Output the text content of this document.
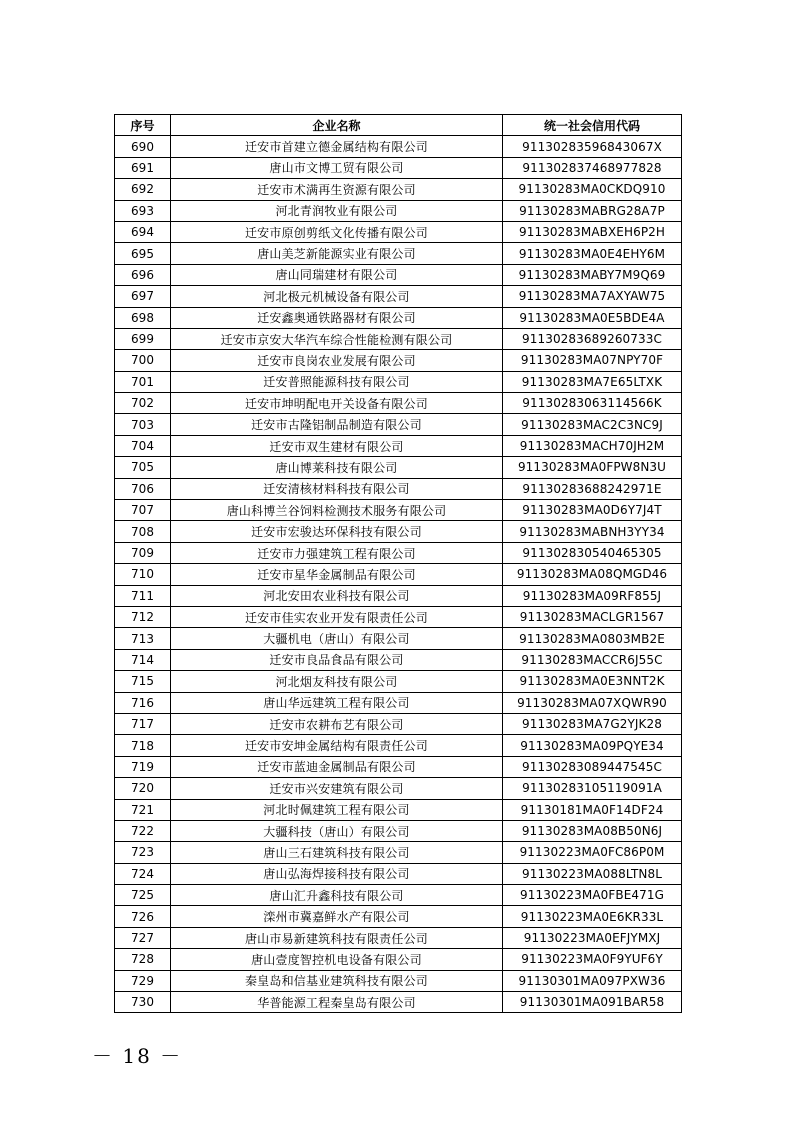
序号	企业名称	统一社会信用代码
690	迁安市首建立德金属结构有限公司	91130283596843067X
691	唐山市文博工贸有限公司	911302837468977828
692	迁安市术满再生资源有限公司	91130283MA0CKDQ910
693	河北青润牧业有限公司	91130283MABRG28A7P
694	迁安市原创剪纸文化传播有限公司	91130283MABXEH6P2H
695	唐山美芝新能源实业有限公司	91130283MA0E4EHY6M
696	唐山同瑞建材有限公司	91130283MABY7M9Q69
697	河北极元机械设备有限公司	91130283MA7AXYAW75
698	迁安鑫奥通铁路器材有限公司	91130283MA0E5BDE4A
699	迁安市京安大华汽车综合性能检测有限公司	91130283689260733C
700	迁安市良岗农业发展有限公司	91130283MA07NPY70F
701	迁安普照能源科技有限公司	91130283MA7E65LTXK
702	迁安市坤明配电开关设备有限公司	91130283063114566K
703	迁安市古隆铝制品制造有限公司	91130283MAC2C3NC9J
704	迁安市双生建材有限公司	91130283MACH70JH2M
705	唐山博莱科技有限公司	91130283MA0FPW8N3U
706	迁安清核材料科技有限公司	91130283688242971E
707	唐山科博兰谷饲料检测技术服务有限公司	91130283MA0D6Y7J4T
708	迁安市宏骏达环保科技有限公司	91130283MABNH3YY34
709	迁安市力强建筑工程有限公司	911302830540465305
710	迁安市星华金属制品有限公司	91130283MA08QMGD46
711	河北安田农业科技有限公司	91130283MA09RF855J
712	迁安市佳实农业开发有限责任公司	91130283MACLGR1567
713	大疆机电（唐山）有限公司	91130283MA0803MB2E
714	迁安市良品食品有限公司	91130283MACCR6J55C
715	河北烟友科技有限公司	91130283MA0E3NNT2K
716	唐山华远建筑工程有限公司	91130283MA07XQWR90
717	迁安市农耕布艺有限公司	91130283MA7G2YJK28
718	迁安市安坤金属结构有限责任公司	91130283MA09PQYE34
719	迁安市蓝迪金属制品有限公司	91130283089447545C
720	迁安市兴安建筑有限公司	91130283105119091A
721	河北时佩建筑工程有限公司	91130181MA0F14DF24
722	大疆科技（唐山）有限公司	91130283MA08B50N6J
723	唐山三石建筑科技有限公司	91130223MA0FC86P0M
724	唐山弘海焊接科技有限公司	91130223MA088LTN8L
725	唐山汇升鑫科技有限公司	91130223MA0FBE471G
726	滦州市冀嘉鲜水产有限公司	91130223MA0E6KR33L
727	唐山市易新建筑科技有限责任公司	91130223MA0EFJYMXJ
728	唐山壹度智控机电设备有限公司	91130223MA0F9YUF6Y
729	秦皇岛和信基业建筑科技有限公司	91130301MA097PXW36
730	华普能源工程秦皇岛有限公司	91130301MA091BAR58
－ 18 －
